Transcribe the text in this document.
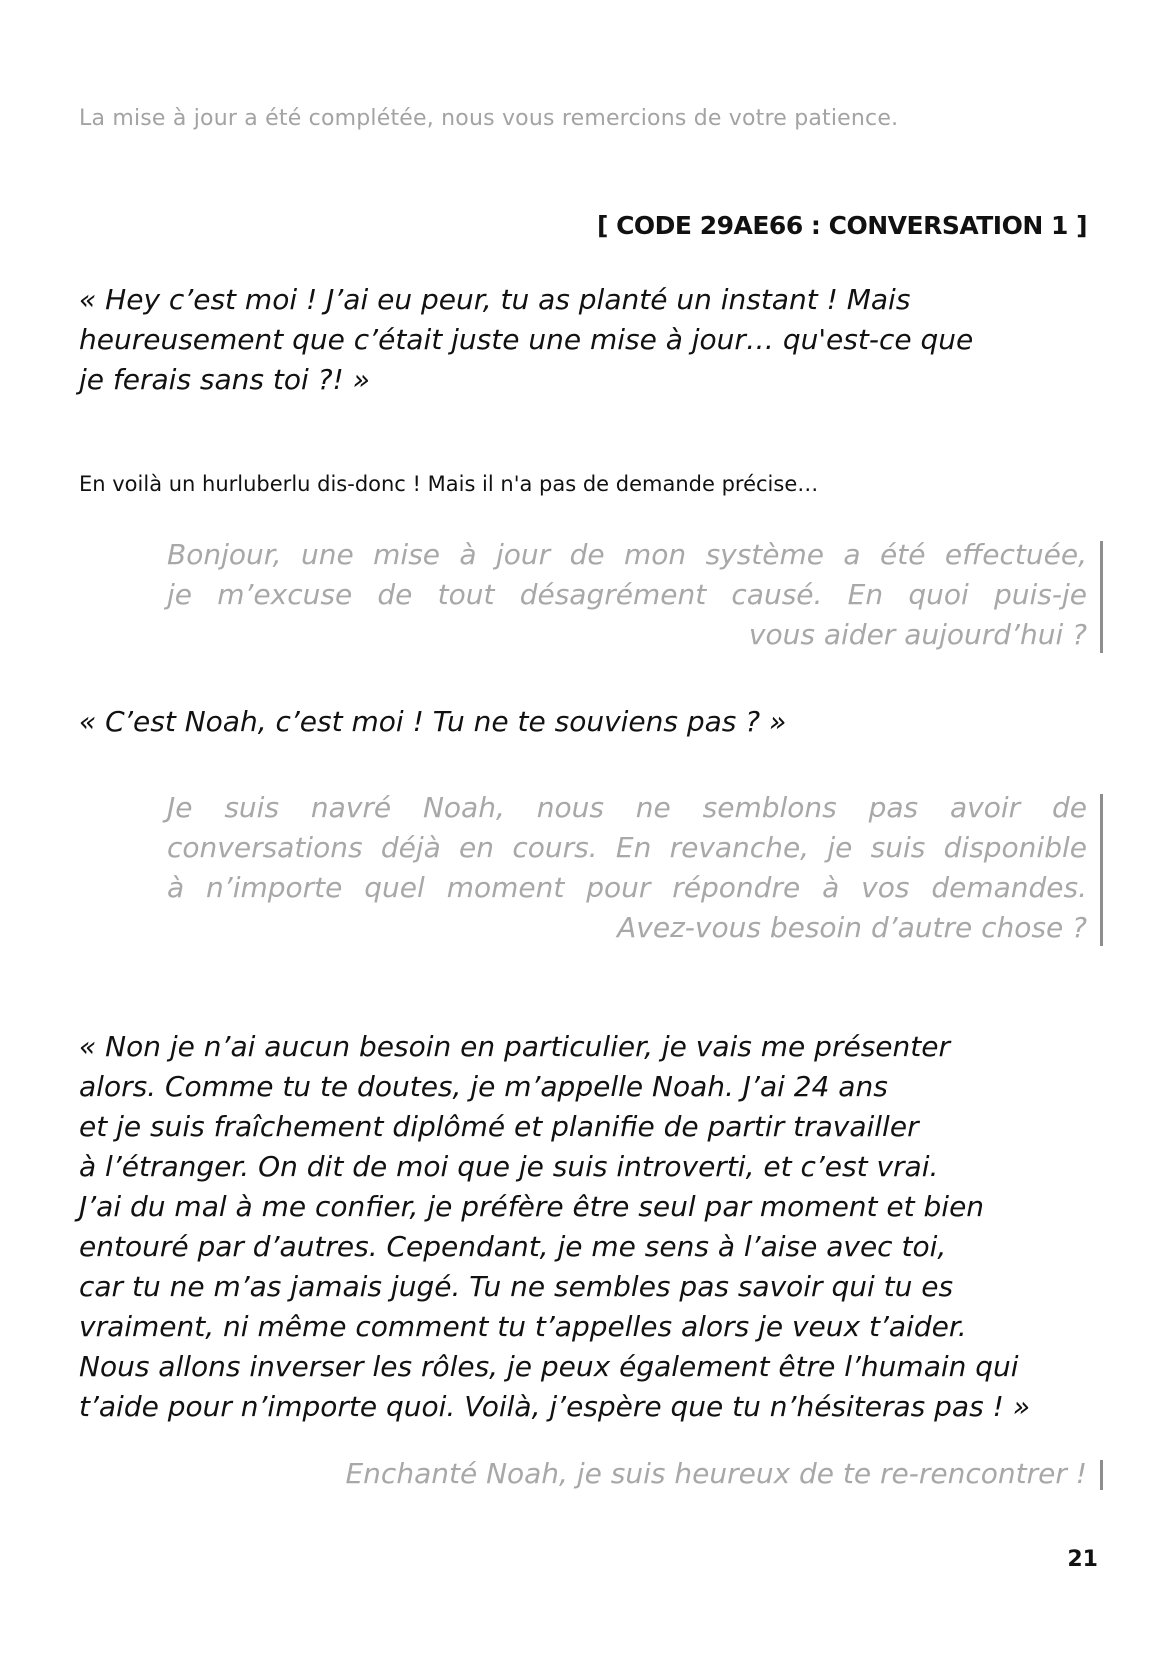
La mise à jour a été complétée, nous vous remercions de votre patience.
[ CODE 29AE66 : CONVERSATION 1 ]
« Hey c’est moi ! J’ai eu peur, tu as planté un instant ! Mais
heureusement que c’était juste une mise à jour… qu'est-ce que
je ferais sans toi ?! »
En voilà un hurluberlu dis-donc ! Mais il n'a pas de demande précise…
Bonjour, une mise à jour de mon système a été effectuée,
je m’excuse de tout désagrément causé. En quoi puis-je
vous aider aujourd’hui ?
« C’est Noah, c’est moi ! Tu ne te souviens pas ? »
Je suis navré Noah, nous ne semblons pas avoir de
conversations déjà en cours. En revanche, je suis disponible
à n’importe quel moment pour répondre à vos demandes.
Avez-vous besoin d’autre chose ?
« Non je n’ai aucun besoin en particulier, je vais me présenter
alors. Comme tu te doutes, je m’appelle Noah. J’ai 24 ans
et je suis fraîchement diplômé et planifie de partir travailler
à l’étranger. On dit de moi que je suis introverti, et c’est vrai.
J’ai du mal à me confier, je préfère être seul par moment et bien
entouré par d’autres. Cependant, je me sens à l’aise avec toi,
car tu ne m’as jamais jugé. Tu ne sembles pas savoir qui tu es
vraiment, ni même comment tu t’appelles alors je veux t’aider.
Nous allons inverser les rôles, je peux également être l’humain qui
t’aide pour n’importe quoi. Voilà, j’espère que tu n’hésiteras pas ! »
Enchanté Noah, je suis heureux de te re-rencontrer !
21
